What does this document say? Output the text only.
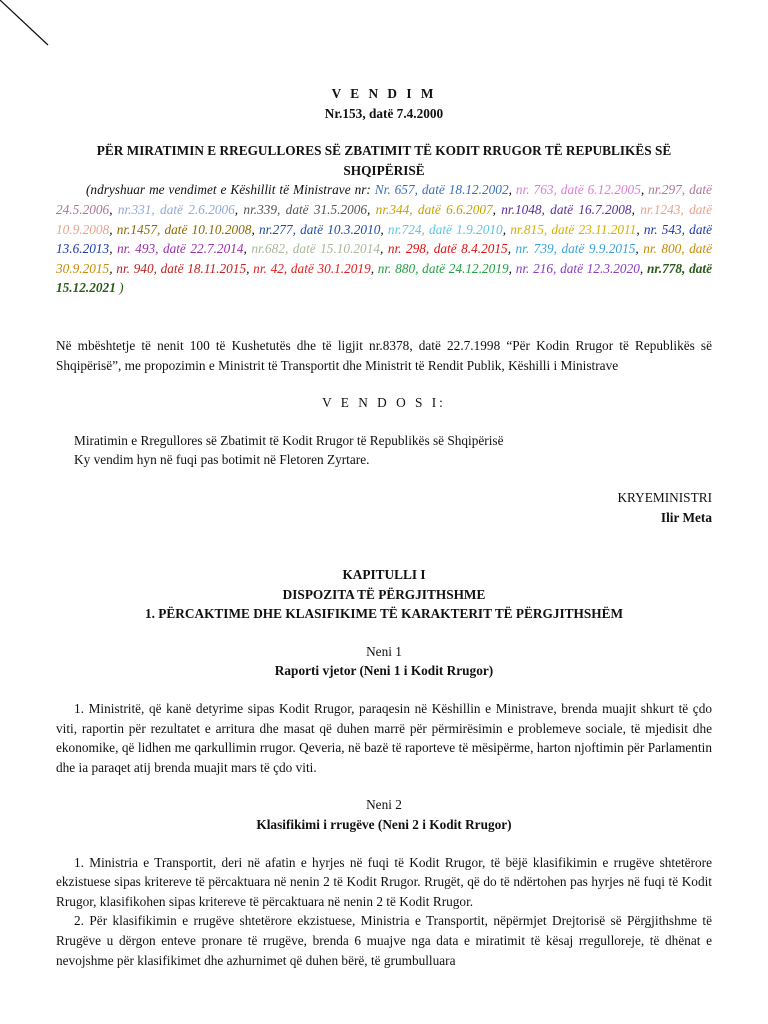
V E N D I M
Nr.153, datë 7.4.2000
PËR MIRATIMIN E RREGULLORES SË ZBATIMIT TË KODIT RRUGOR TË REPUBLIKËS SË SHQIPËRISË

(ndryshuar me vendimet e Këshillit të Ministrave nr: Nr. 657, datë 18.12.2002, nr. 763, datë 6.12.2005, nr.297, datë 24.5.2006, nr.331, datë 2.6.2006, nr.339, datë 31.5.2006, nr.344, datë 6.6.2007, nr.1048, datë 16.7.2008, nr.1243, datë 10.9.2008, nr.1457, datë 10.10.2008, nr.277, datë 10.3.2010, nr.724, datë 1.9.2010, nr.815, datë 23.11.2011, nr. 543, datë 13.6.2013, nr. 493, datë 22.7.2014, nr.682, datë 15.10.2014, nr. 298, datë 8.4.2015, nr. 739, datë 9.9.2015, nr. 800, datë 30.9.2015, nr. 940, datë 18.11.2015, nr. 42, datë 30.1.2019, nr. 880, datë 24.12.2019, nr. 216, datë 12.3.2020, nr.778, datë 15.12.2021 )

Në mbështetje të nenit 100 të Kushetutës dhe të ligjit nr.8378, datë 22.7.1998 “Për Kodin Rrugor të Republikës së Shqipërisë”, me propozimin e Ministrit të Transportit dhe Ministrit të Rendit Publik, Këshilli i Ministrave

V E N D O S I:
Miratimin e Rregullores së Zbatimit të Kodit Rrugor të Republikës së Shqipërisë
Ky vendim hyn në fuqi pas botimit në Fletoren Zyrtare.
KRYEMINISTRI
Ilir Meta
KAPITULLI I
DISPOZITA TË PËRGJITHSHME
1. PËRCAKTIME DHE KLASIFIKIME TË KARAKTERIT TË PËRGJITHSHËM
Neni 1
Raporti vjetor (Neni 1 i Kodit Rrugor)

1. Ministritë, që kanë detyrime sipas Kodit Rrugor, paraqesin në Këshillin e Ministrave, brenda muajit shkurt të çdo viti, raportin për rezultatet e arritura dhe masat që duhen marrë për përmirësimin e problemeve sociale, të mjedisit dhe ekonomike, që lidhen me qarkullimin rrugor. Qeveria, në bazë të raporteve të mësipërme, harton njoftimin për Parlamentin dhe ia paraqet atij brenda muajit mars të çdo viti.

Neni 2
Klasifikimi i rrugëve (Neni 2 i Kodit Rrugor)

1. Ministria e Transportit, deri në afatin e hyrjes në fuqi të Kodit Rrugor, të bëjë klasifikimin e rrugëve shtetërore ekzistuese sipas kritereve të përcaktuara në nenin 2 të Kodit Rrugor. Rrugët, që do të ndërtohen pas hyrjes në fuqi të Kodit Rrugor, klasifikohen sipas kritereve të përcaktuara në nenin 2 të Kodit Rrugor.

2. Për klasifikimin e rrugëve shtetërore ekzistuese, Ministria e Transportit, nëpërmjet Drejtorisë së Përgjithshme të Rrugëve u dërgon enteve pronare të rrugëve, brenda 6 muajve nga data e miratimit të kësaj rregulloreje, të dhënat e nevojshme për klasifikimet dhe azhurnimet që duhen bërë, të grumbulluara
